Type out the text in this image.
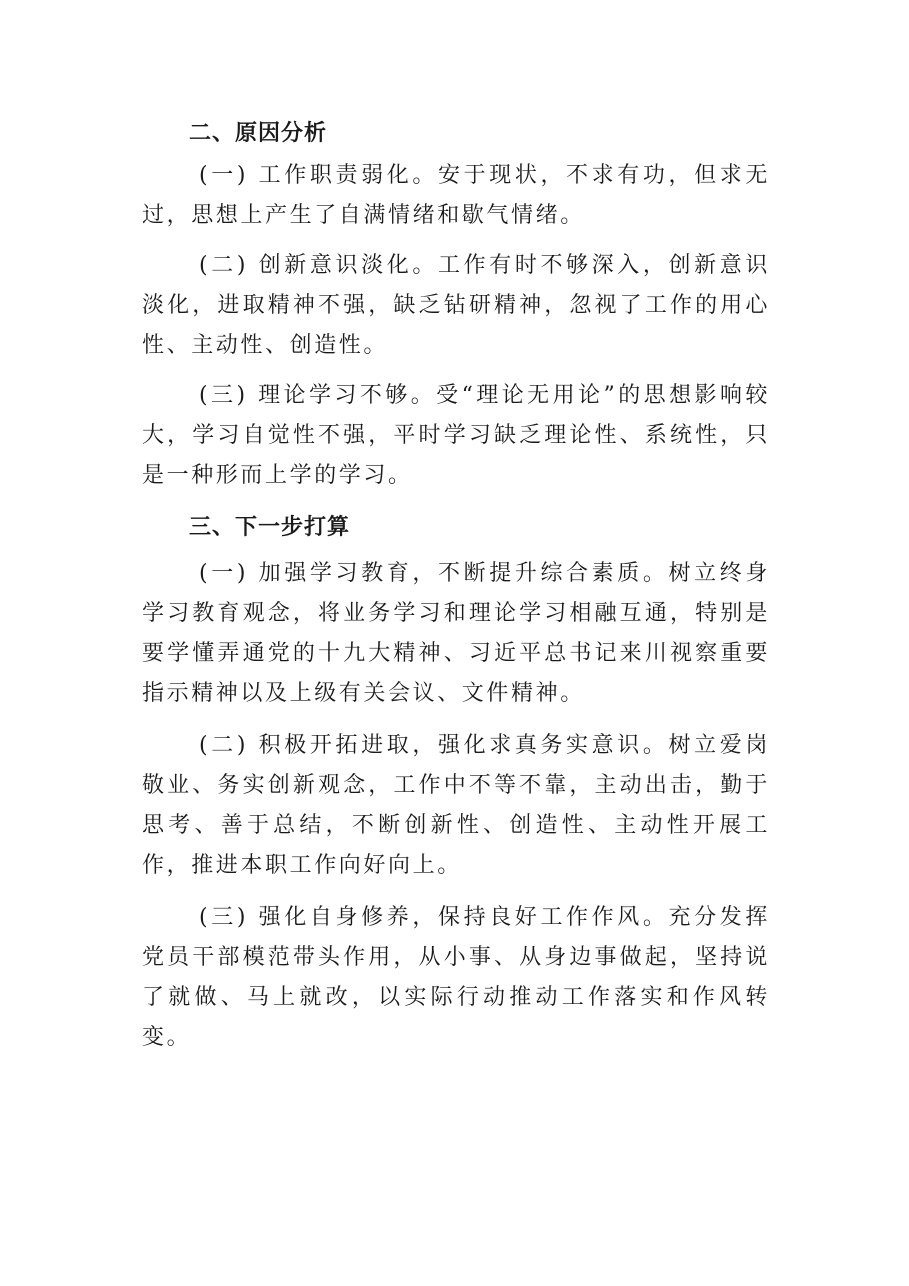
二、原因分析

(一) 工作职责弱化。安于现状，不求有功，但求无过，思想上产生了自满情绪和歇气情绪。

(二) 创新意识淡化。工作有时不够深入，创新意识淡化，进取精神不强，缺乏钻研精神，忽视了工作的用心性、主动性、创造性。

(三) 理论学习不够。受“理论无用论”的思想影响较大，学习自觉性不强，平时学习缺乏理论性、系统性，只是一种形而上学的学习。

三、下一步打算

(一) 加强学习教育，不断提升综合素质。树立终身学习教育观念，将业务学习和理论学习相融互通，特别是要学懂弄通党的十九大精神、习近平总书记来川视察重要指示精神以及上级有关会议、文件精神。

(二) 积极开拓进取，强化求真务实意识。树立爱岗敬业、务实创新观念，工作中不等不靠，主动出击，勤于思考、善于总结，不断创新性、创造性、主动性开展工作，推进本职工作向好向上。

(三) 强化自身修养，保持良好工作作风。充分发挥党员干部模范带头作用，从小事、从身边事做起，坚持说了就做、马上就改，以实际行动推动工作落实和作风转变。
